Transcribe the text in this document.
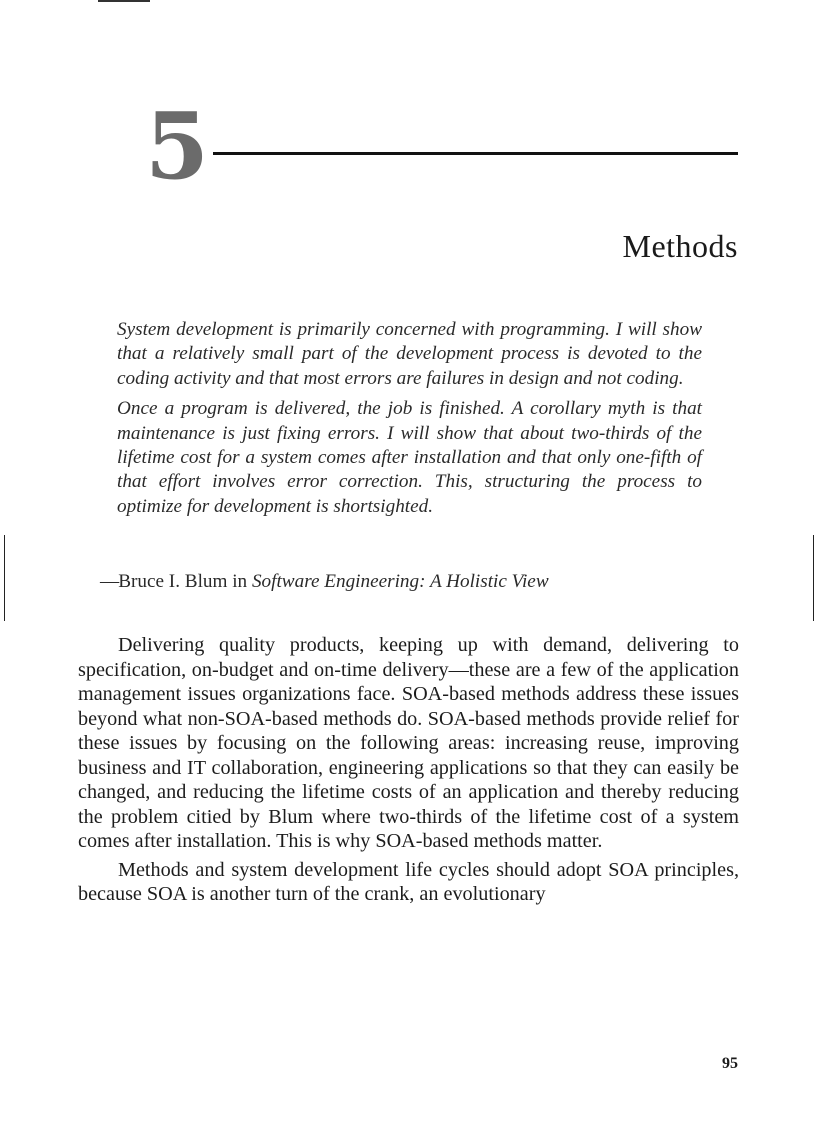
5
Methods

System development is primarily concerned with programming. I will show that a relatively small part of the development process is devoted to the coding activity and that most errors are failures in design and not coding.

Once a program is delivered, the job is finished. A corollary myth is that maintenance is just fixing errors. I will show that about two-thirds of the lifetime cost for a system comes after installation and that only one-fifth of that effort involves error correction. This, structuring the process to optimize for development is shortsighted.

—Bruce I. Blum in Software Engineering: A Holistic View

Delivering quality products, keeping up with demand, delivering to specification, on-budget and on-time delivery—these are a few of the application management issues organizations face. SOA-based methods address these issues beyond what non-SOA-based methods do. SOA-based methods provide relief for these issues by focusing on the following areas: increasing reuse, improving business and IT collaboration, engineering applications so that they can easily be changed, and reducing the lifetime costs of an application and thereby reducing the problem citied by Blum where two-thirds of the lifetime cost of a system comes after installation. This is why SOA-based methods matter.

Methods and system development life cycles should adopt SOA principles, because SOA is another turn of the crank, an evolutionary

95
